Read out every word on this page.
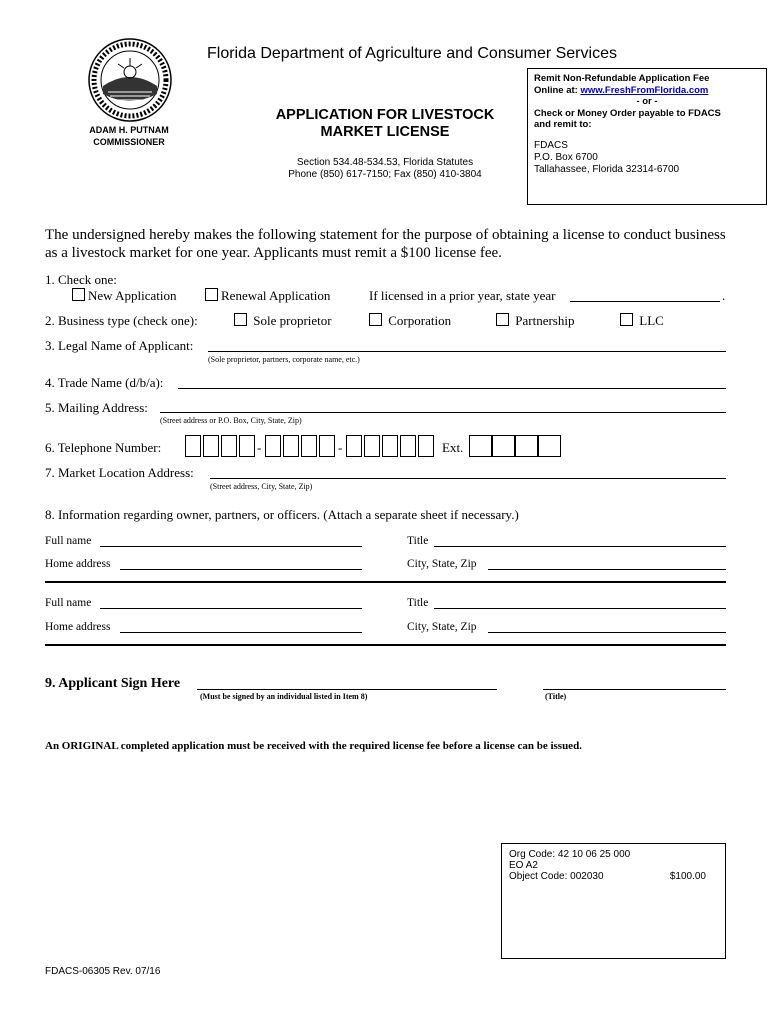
ADAM H. PUTNAM
COMMISSIONER
Florida Department of Agriculture and Consumer Services
APPLICATION FOR LIVESTOCK
MARKET LICENSE
Section 534.48-534.53, Florida Statutes
Phone (850) 617-7150; Fax (850) 410-3804
Remit Non-Refundable Application Fee
Online at: www.FreshFromFlorida.com
- or -
Check or Money Order payable to FDACS
and remit to:
FDACS
P.O. Box 6700
Tallahassee, Florida 32314-6700
The undersigned hereby makes the following statement for the purpose of obtaining a license to conduct business as a livestock market for one year. Applicants must remit a $100 license fee.
1. Check one:
New Application	Renewal Application	If licensed in a prior year, state year	.
2. Business type (check one):	Sole proprietor	Corporation	Partnership	LLC
3. Legal Name of Applicant:
(Sole proprietor, partners, corporate name, etc.)
4. Trade Name (d/b/a):
5. Mailing Address:
(Street address or P.O. Box, City, State, Zip)
6. Telephone Number:	-	-	Ext.
7. Market Location Address:
(Street address, City, State, Zip)
8. Information regarding owner, partners, or officers. (Attach a separate sheet if necessary.)
Full name	Title
Home address	City, State, Zip
Full name	Title
Home address	City, State, Zip
9. Applicant Sign Here
(Must be signed by an individual listed in Item 8)	(Title)
An ORIGINAL completed application must be received with the required license fee before a license can be issued.
Org Code: 42 10 06 25 000
EO A2
Object Code: 002030	$100.00
FDACS-06305 Rev. 07/16
